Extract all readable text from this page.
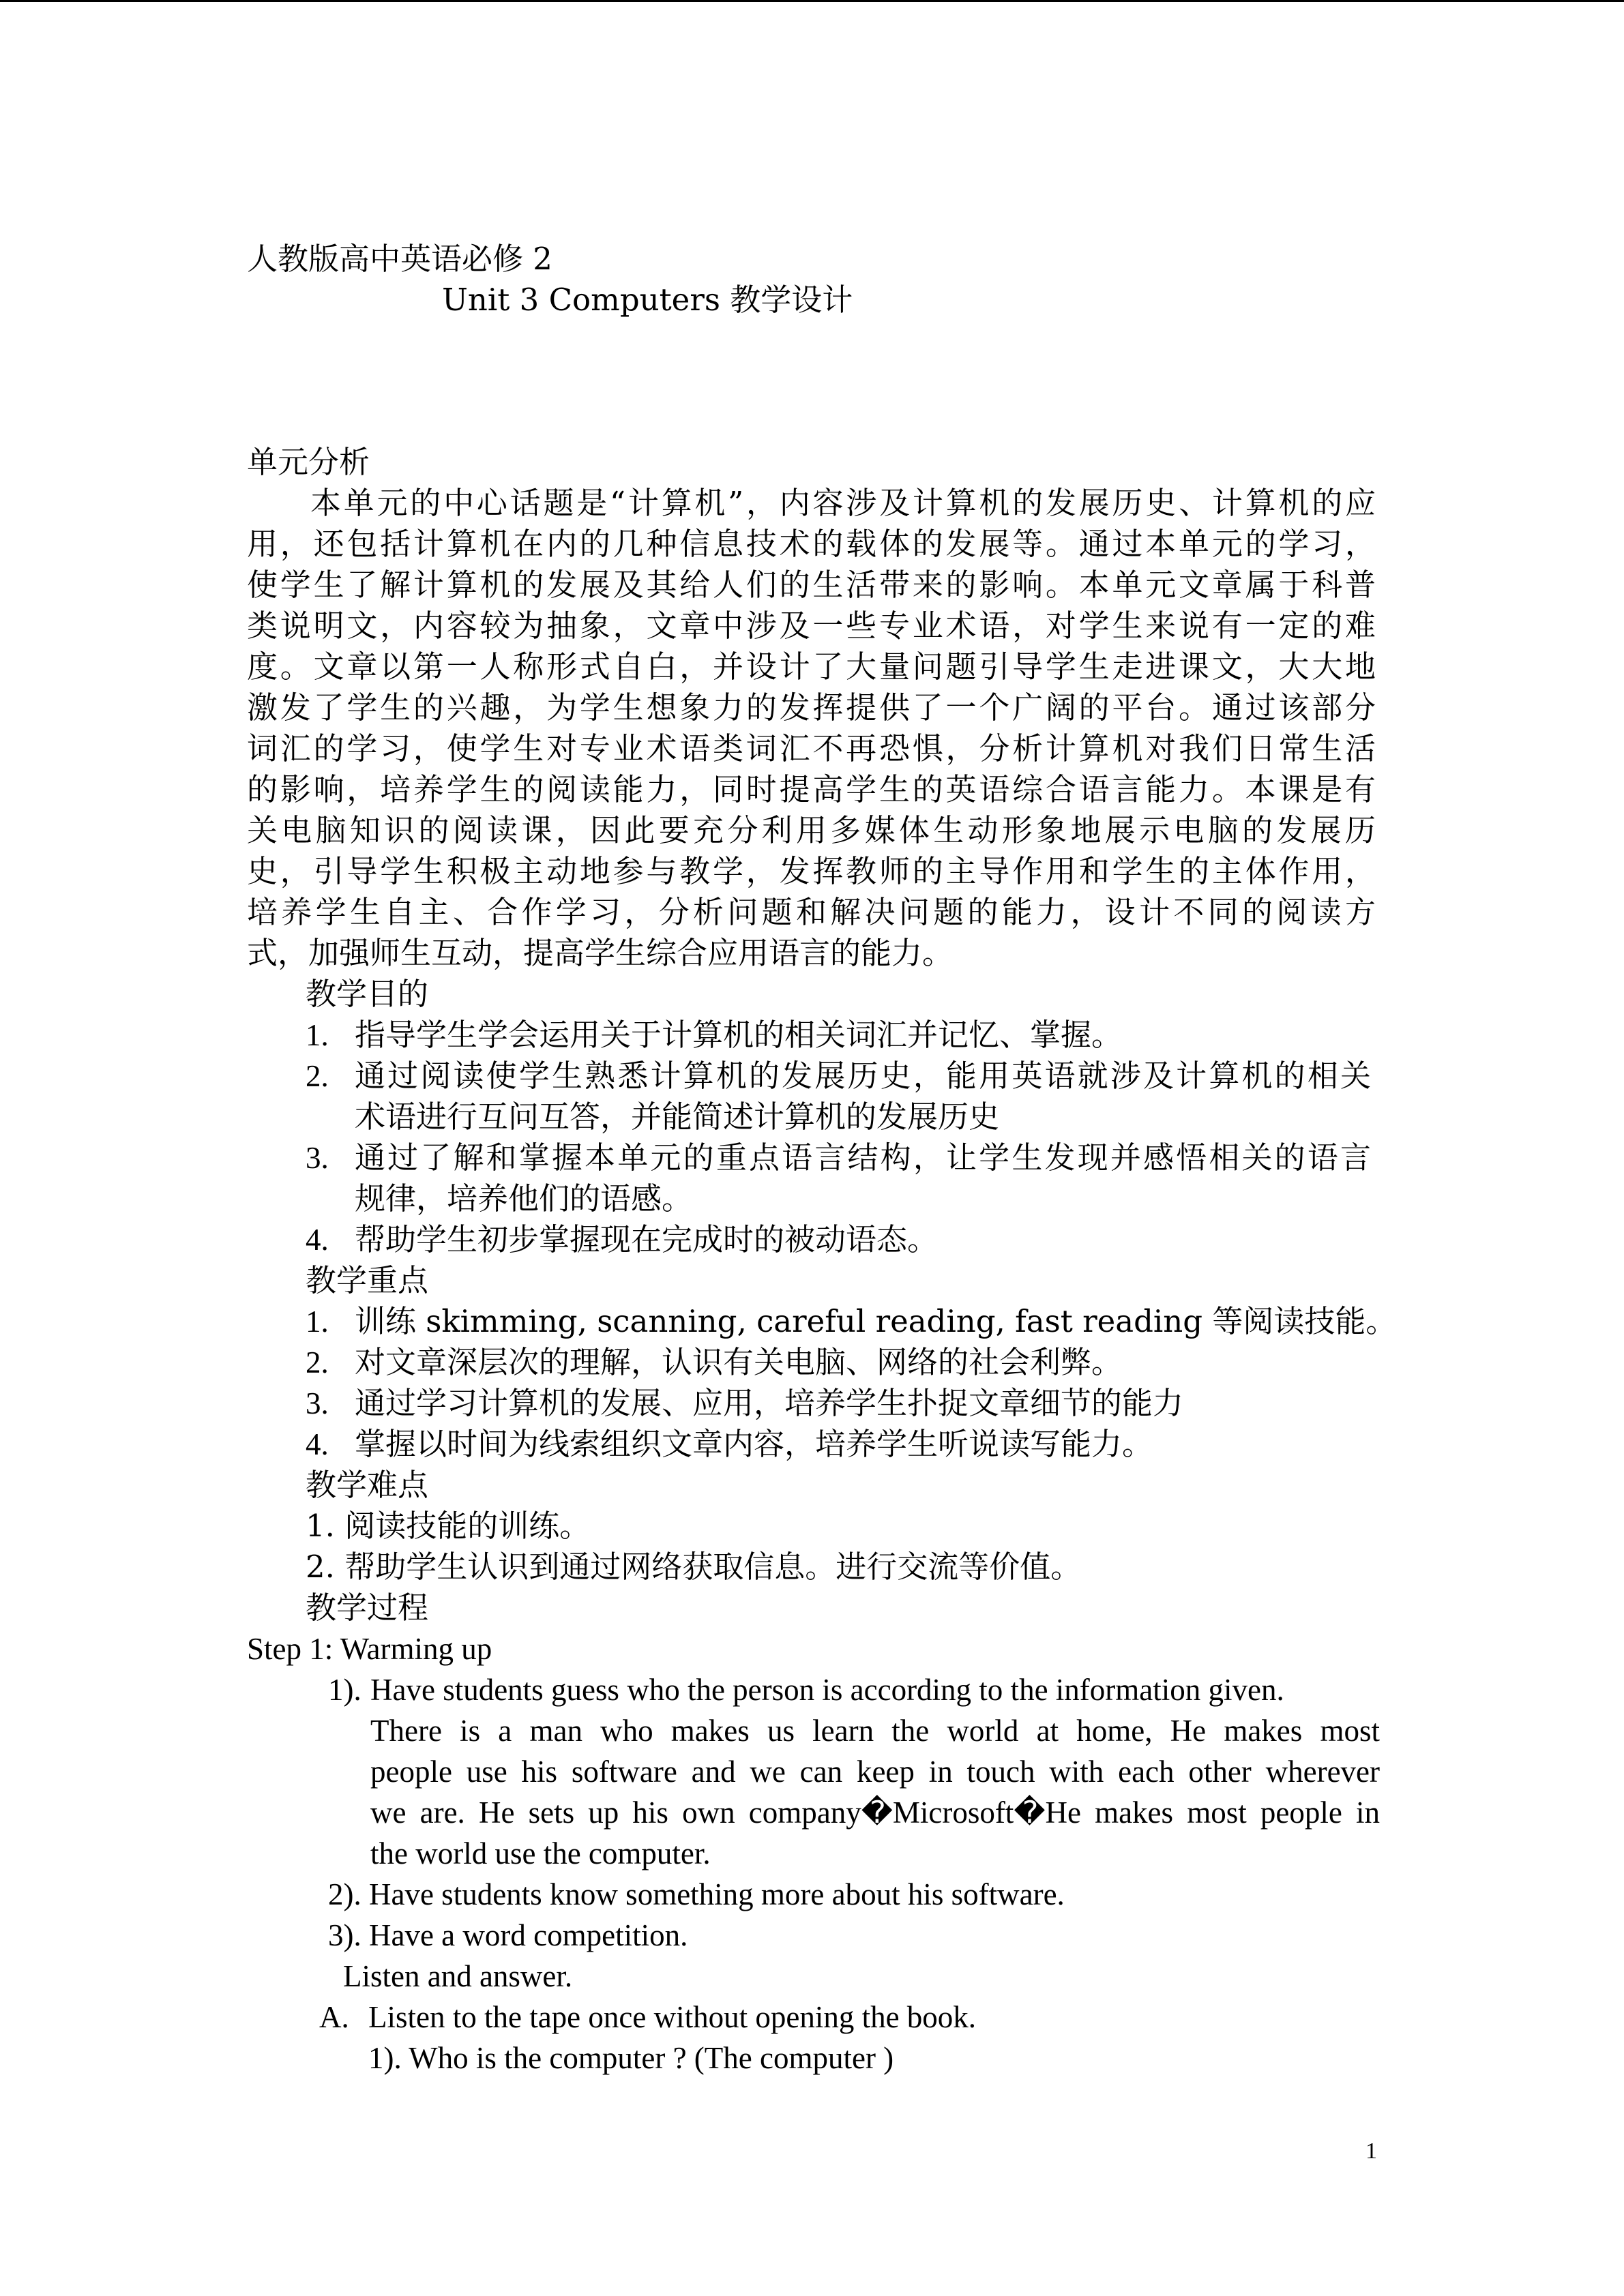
人教版高中英语必修 2
Unit 3 Computers 教学设计
单元分析
本单元的中心话题是“计算机”，内容涉及计算机的发展历史、计算机的应
用，还包括计算机在内的几种信息技术的载体的发展等。通过本单元的学习，
使学生了解计算机的发展及其给人们的生活带来的影响。本单元文章属于科普
类说明文，内容较为抽象，文章中涉及一些专业术语，对学生来说有一定的难
度。文章以第一人称形式自白，并设计了大量问题引导学生走进课文，大大地
激发了学生的兴趣，为学生想象力的发挥提供了一个广阔的平台。通过该部分
词汇的学习，使学生对专业术语类词汇不再恐惧，分析计算机对我们日常生活
的影响，培养学生的阅读能力，同时提高学生的英语综合语言能力。本课是有
关电脑知识的阅读课，因此要充分利用多媒体生动形象地展示电脑的发展历
史，引导学生积极主动地参与教学，发挥教师的主导作用和学生的主体作用，
培养学生自主、合作学习，分析问题和解决问题的能力，设计不同的阅读方
式，加强师生互动，提高学生综合应用语言的能力。
教学目的
1. 指导学生学会运用关于计算机的相关词汇并记忆、掌握。
2. 通过阅读使学生熟悉计算机的发展历史，能用英语就涉及计算机的相关
术语进行互问互答，并能简述计算机的发展历史
3. 通过了解和掌握本单元的重点语言结构，让学生发现并感悟相关的语言
规律，培养他们的语感。
4. 帮助学生初步掌握现在完成时的被动语态。
教学重点
1. 训练 skimming, scanning, careful reading, fast reading 等阅读技能。
2. 对文章深层次的理解，认识有关电脑、网络的社会利弊。
3. 通过学习计算机的发展、应用，培养学生扑捉文章细节的能力
4. 掌握以时间为线索组织文章内容，培养学生听说读写能力。
教学难点
1. 阅读技能的训练。
2. 帮助学生认识到通过网络获取信息。进行交流等价值。
教学过程
Step 1: Warming up
1). Have students guess who the person is according to the information given.
There is a man who makes us learn the world at home, He makes most
people use his software and we can keep in touch with each other wherever
we are. He sets up his own company�Microsoft�He makes most people in
the world use the computer.
2). Have students know something more about his software.
3). Have a word competition.
Listen and answer.
A. Listen to the tape once without opening the book.
1). Who is the computer ? (The computer )
1
